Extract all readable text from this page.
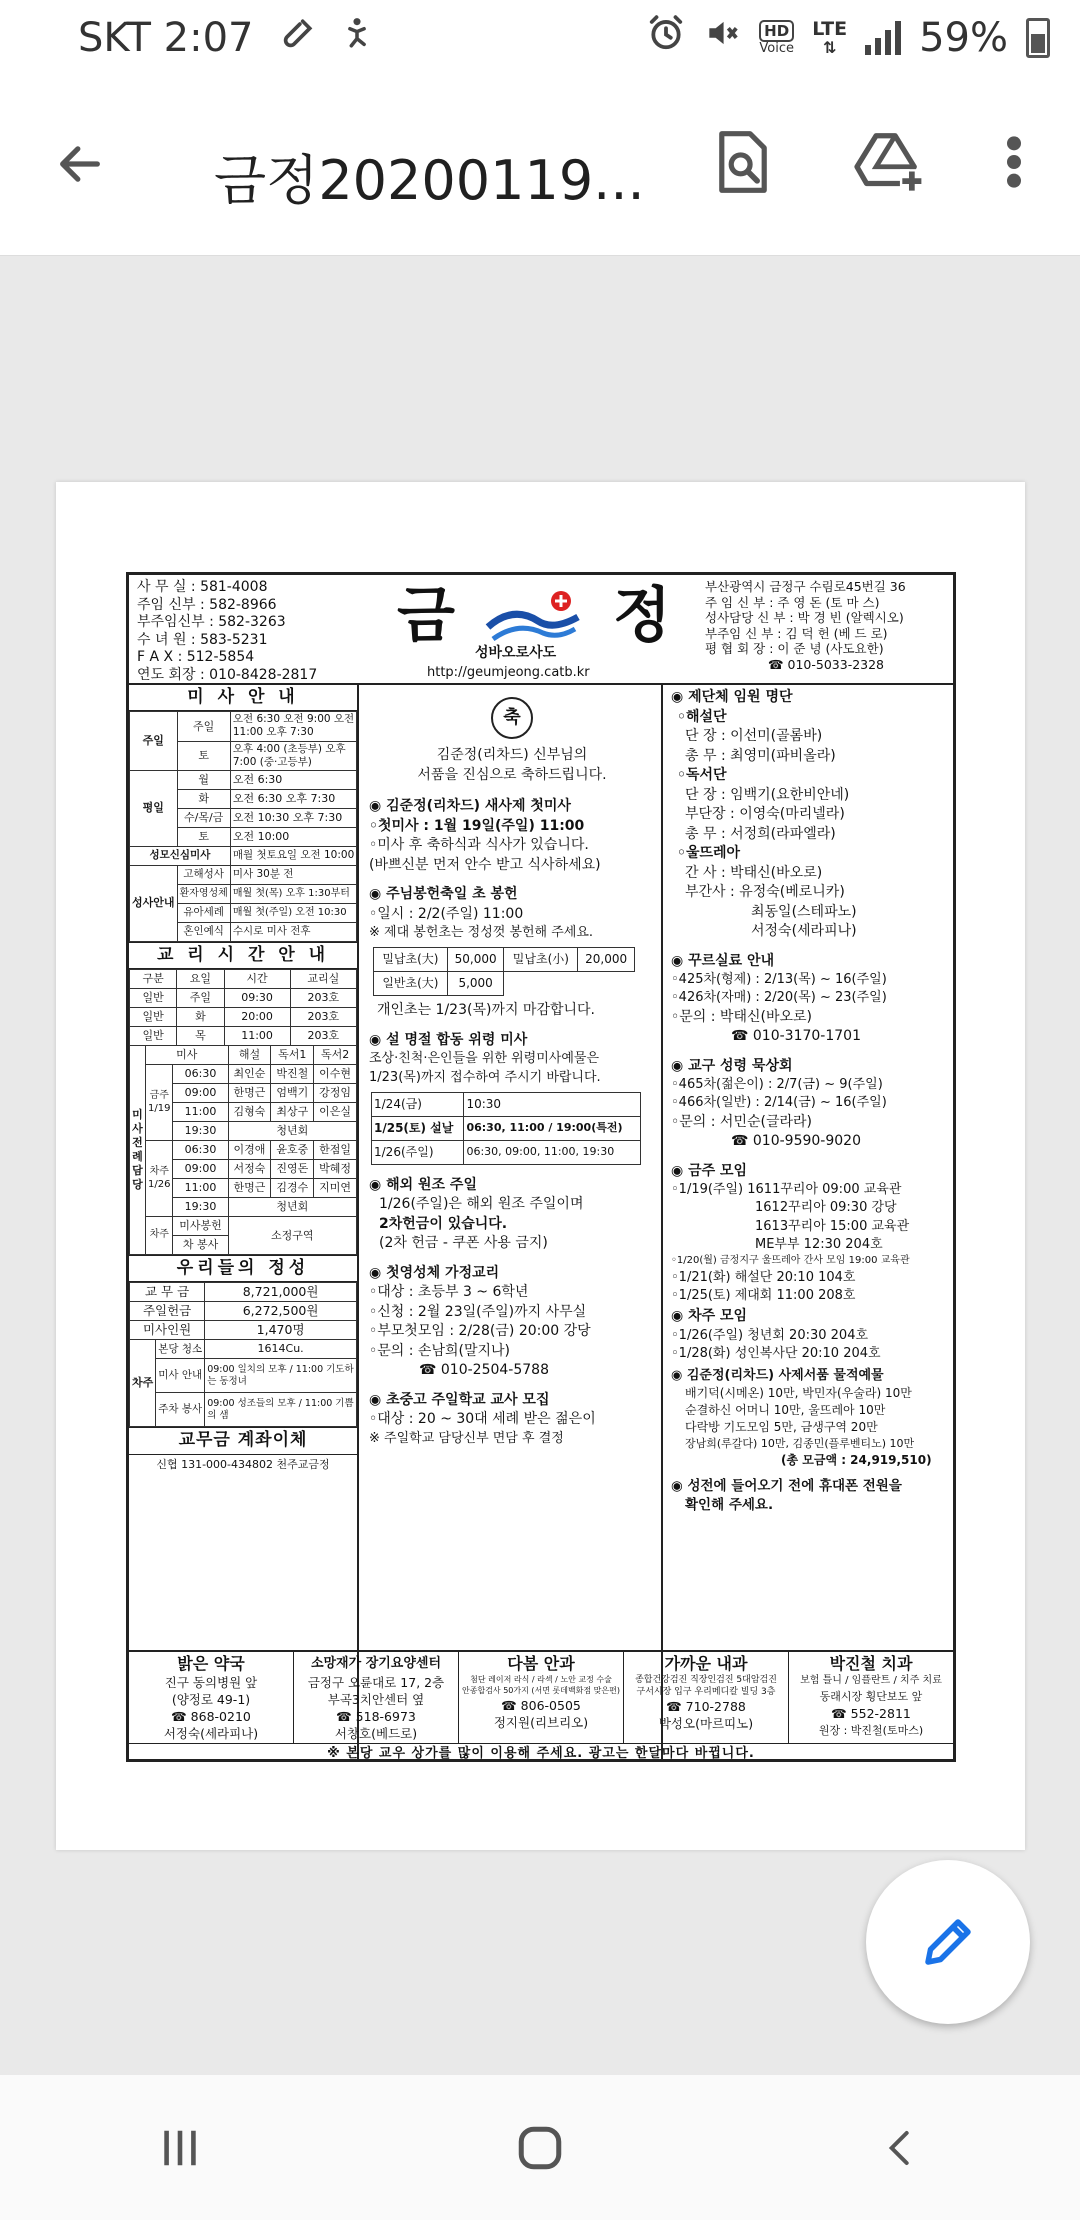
SKT 2:07	HD
Voice
LTE
⇅ 59%
금정20200119...
사 무 실 : 581-4008
주임 신부 : 582-8966
부주임신부 : 582-3263
수 녀 원 : 583-5231
F A X : 512-5854
연도 회장 : 010-8428-2817
금
성바오로사도
정
http://geumjeong.catb.kr
부산광역시 금정구 수림로45번길 36
주 임 신 부 : 주 영 돈 (토 마 스)
성사담당 신 부 : 박 경 빈 (알렉시오)
부주임 신 부 : 김 덕 헌 (베 드 로)
평 협 회 장 : 이 준 녕 (사도요한)
☎ 010-5033-2328
미 사 안 내
주일	주일	오전 6:30 오전 9:00 오전 11:00 오후 7:30
	토	오후 4:00 (초등부) 오후 7:00 (중·고등부)
평일	월	오전 6:30
	화	오전 6:30 오후 7:30
	수/목/금	오전 10:30 오후 7:30
	토	오전 10:00
성모신심미사		매월 첫토요일 오전 10:00
성사안내	고해성사	미사 30분 전
	환자영성체	매월 첫(목) 오후 1:30부터
	유아세례	매월 첫(주일) 오전 10:30
	혼인예식	수시로 미사 전후
교 리 시 간 안 내
구분	요일	시간	교리실
일반	주일	09:30	203호
일반	화	20:00	203호
일반	목	11:00	203호
미사전례담당	미사		해설	독서1	독서2
	금주
1/19	06:30	최인순	박진철	이수현
		09:00	한명근	엄백기	강정임
		11:00	김형숙	최상구	이은실
		19:30	청년회		
	차주
1/26	06:30	이경애	윤호중	한점일
		09:00	서정숙	진영돈	박혜정
		11:00	한명근	김경수	지미연
		19:30	청년회		
	차주	미사봉헌	소정구역		
		차 봉사			
우리들의 정성
교 무 금		8,721,000원
주일헌금		6,272,500원
미사인원		1,470명
차주	본당 청소	1614Cu.
	미사 안내	09:00 일치의 모후 / 11:00 기도하는 동정녀
	주차 봉사	09:00 성조들의 모후 / 11:00 기쁨의 샘
교무금 계좌이체
신협 131-000-434802 천주교금정
축

김준정(리차드) 신부님의

서품을 진심으로 축하드립니다.

◉ 김준정(리차드) 새사제 첫미사

◦첫미사 : 1월 19일(주일) 11:00

◦미사 후 축하식과 식사가 있습니다.

(바쁘신분 먼저 안수 받고 식사하세요)

◉ 주님봉헌축일 초 봉헌

◦일시 : 2/2(주일) 11:00

※ 제대 봉헌초는 정성껏 봉헌해 주세요.

밀납초(大)	50,000	밀납초(小)	20,000
일반초(大)	5,000		

개인초는 1/23(목)까지 마감합니다.

◉ 설 명절 합동 위령 미사

조상·친척·은인들을 위한 위령미사예물은

1/23(목)까지 접수하여 주시기 바랍니다.

1/24(금)	10:30
1/25(토) 설날	06:30, 11:00 / 19:00(특전)
1/26(주일)	06:30, 09:00, 11:00, 19:30

◉ 해외 원조 주일

1/26(주일)은 해외 원조 주일이며

2차헌금이 있습니다.

(2차 헌금 - 쿠폰 사용 금지)

◉ 첫영성체 가정교리

◦대상 : 초등부 3 ~ 6학년

◦신청 : 2월 23일(주일)까지 사무실

◦부모첫모임 : 2/28(금) 20:00 강당

◦문의 : 손남희(말지나)

☎ 010-2504-5788

◉ 초중고 주일학교 교사 모집

◦대상 : 20 ~ 30대 세례 받은 젊은이

※ 주일학교 담당신부 면담 후 결정

◉ 제단체 임원 명단

◦해설단

단 장 : 이선미(골롬바)

총 무 : 최영미(파비올라)

◦독서단

단 장 : 임백기(요한비안네)

부단장 : 이영숙(마리넬라)

총 무 : 서정희(라파엘라)

◦울뜨레아

간 사 : 박태신(바오로)

부간사 : 유정숙(베로니카)

최동일(스테파노)

서정숙(세라피나)

◉ 꾸르실료 안내

◦425차(형제) : 2/13(목) ~ 16(주일)

◦426차(자매) : 2/20(목) ~ 23(주일)

◦문의 : 박태신(바오로)

☎ 010-3170-1701

◉ 교구 성령 묵상회

◦465차(젊은이) : 2/7(금) ~ 9(주일)

◦466차(일반) : 2/14(금) ~ 16(주일)

◦문의 : 서민순(글라라)

☎ 010-9590-9020

◉ 금주 모임

◦1/19(주일) 1611꾸리아 09:00 교육관

1612꾸리아 09:30 강당

1613꾸리아 15:00 교육관

ME부부 12:30 204호

◦1/20(월) 금정지구 울뜨레아 간사 모임 19:00 교육관

◦1/21(화) 해설단 20:10 104호

◦1/25(토) 제대회 11:00 208호

◉ 차주 모임

◦1/26(주일) 청년회 20:30 204호

◦1/28(화) 성인복사단 20:10 204호

◉ 김준정(리차드) 사제서품 물적예물

배기덕(시메온) 10만, 박민자(우술라) 10만

순결하신 어머니 10만, 울뜨레아 10만

다락방 기도모임 5만, 금생구역 20만

장남희(루갈다) 10만, 김종민(플루벤티노) 10만

(총 모금액 : 24,919,510)

◉ 성전에 들어오기 전에 휴대폰 전원을

확인해 주세요.

밝은 약국
진구 동의병원 앞
(양정로 49-1)
☎ 868-0210
서정숙(세라피나)
소망재가 장기요양센터
금정구 오륜대로 17, 2층
부곡3치안센터 옆
☎ 518-6973
서창호(베드로)
다봄 안과
첨단 레이저 라식 / 라섹 / 노안 교정 수술
안종합검사 50가지 (서면 롯데백화점 맞은편)
☎ 806-0505
정지원(리브리오)
가까운 내과
종합건강검진 직장인검진 5대암검진
구서시장 입구 우리메디칼 빌딩 3층
☎ 710-2788
박성오(마르띠노)
박진철 치과
보험 틀니 / 임플란트 / 치주 치료
동래시장 횡단보도 앞
☎ 552-2811
원장 : 박진철(토마스)
※ 본당 교우 상가를 많이 이용해 주세요. 광고는 한달마다 바뀝니다.
